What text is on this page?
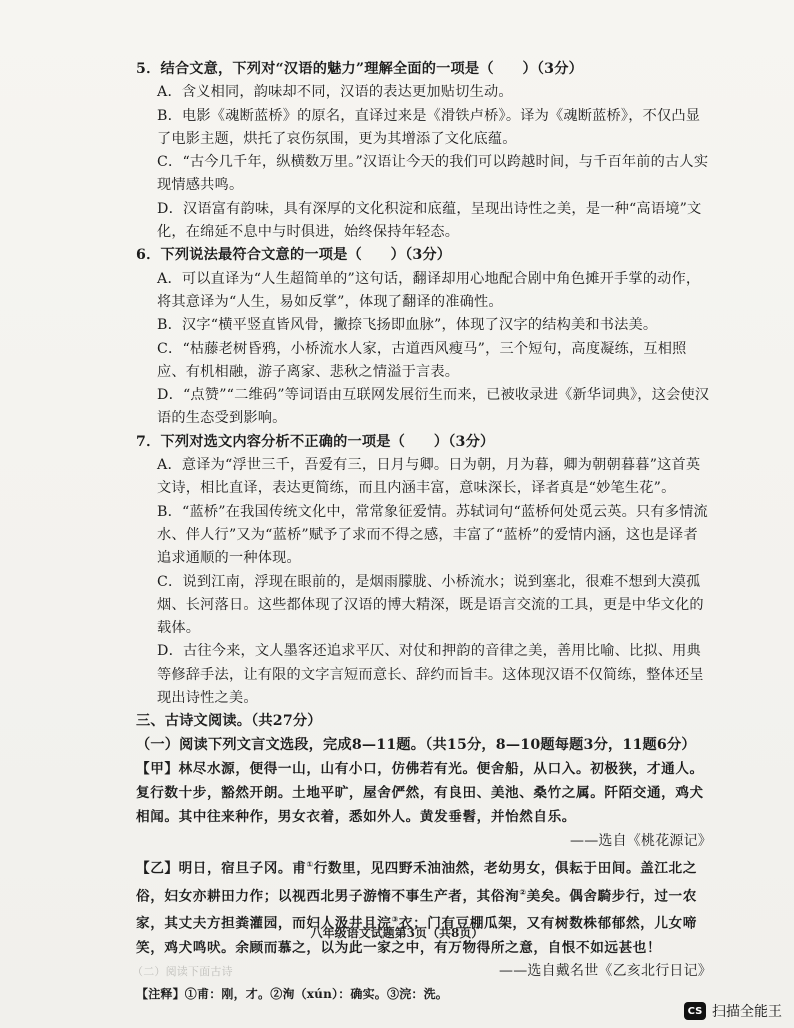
5．结合文意，下列对“汉语的魅力”理解全面的一项是（　　）（3分）

A．含义相同，韵味却不同，汉语的表达更加贴切生动。

B．电影《魂断蓝桥》的原名，直译过来是《滑铁卢桥》。译为《魂断蓝桥》，不仅凸显了电影主题，烘托了哀伤氛围，更为其增添了文化底蕴。

C．“古今几千年，纵横数万里。”汉语让今天的我们可以跨越时间，与千百年前的古人实现情感共鸣。

D．汉语富有韵味，具有深厚的文化积淀和底蕴，呈现出诗性之美，是一种“高语境”文化，在绵延不息中与时俱进，始终保持年轻态。

6．下列说法最符合文意的一项是（　　）（3分）

A．可以直译为“人生超简单的”这句话，翻译却用心地配合剧中角色摊开手掌的动作，将其意译为“人生，易如反掌”，体现了翻译的准确性。

B．汉字“横平竖直皆风骨，撇捺飞扬即血脉”，体现了汉字的结构美和书法美。

C．“枯藤老树昏鸦，小桥流水人家，古道西风瘦马”，三个短句，高度凝练，互相照应、有机相融，游子离家、悲秋之情溢于言表。

D．“点赞”“二维码”等词语由互联网发展衍生而来，已被收录进《新华词典》，这会使汉语的生态受到影响。

7．下列对选文内容分析不正确的一项是（　　）（3分）

A．意译为“浮世三千，吾爱有三，日月与卿。日为朝，月为暮，卿为朝朝暮暮”这首英文诗，相比直译，表达更简练，而且内涵丰富，意味深长，译者真是“妙笔生花”。

B．“蓝桥”在我国传统文化中，常常象征爱情。苏轼词句“蓝桥何处觅云英。只有多情流水、伴人行”又为“蓝桥”赋予了求而不得之感，丰富了“蓝桥”的爱情内涵，这也是译者追求通顺的一种体现。

C．说到江南，浮现在眼前的，是烟雨朦胧、小桥流水；说到塞北，很难不想到大漠孤烟、长河落日。这些都体现了汉语的博大精深，既是语言交流的工具，更是中华文化的载体。

D．古往今来，文人墨客还追求平仄、对仗和押韵的音律之美，善用比喻、比拟、用典等修辞手法，让有限的文字言短而意长、辞约而旨丰。这体现汉语不仅简练，整体还呈现出诗性之美。

三、古诗文阅读。（共27分）

（一）阅读下列文言文选段，完成8—11题。（共15分，8—10题每题3分，11题6分）

【甲】林尽水源，便得一山，山有小口，仿佛若有光。便舍船，从口入。初极狭，才通人。复行数十步，豁然开朗。土地平旷，屋舍俨然，有良田、美池、桑竹之属。阡陌交通，鸡犬相闻。其中往来种作，男女衣着，悉如外人。黄发垂髫，并怡然自乐。

——选自《桃花源记》

【乙】明日，宿旦子冈。甫①行数里，见四野禾油油然，老幼男女，俱耘于田间。盖江北之俗，妇女亦耕田力作；以视西北男子游惰不事生产者，其俗洵②美矣。偶舍騎步行，过一农家，其丈夫方担粪灌园，而妇人汲井且浣③衣；门有豆棚瓜架，又有树数株郁郁然，儿女啼笑，鸡犬鸣吠。余顾而慕之，以为此一家之中，有万物得所之意，自恨不如远甚也！

（二）阅读下面古诗	——选自戴名世《乙亥北行日记》

【注释】①甫：刚，才。②洵（xún）：确实。③浣：洗。

八年级语文试题第3页（共8页）
CS 扫描全能王
